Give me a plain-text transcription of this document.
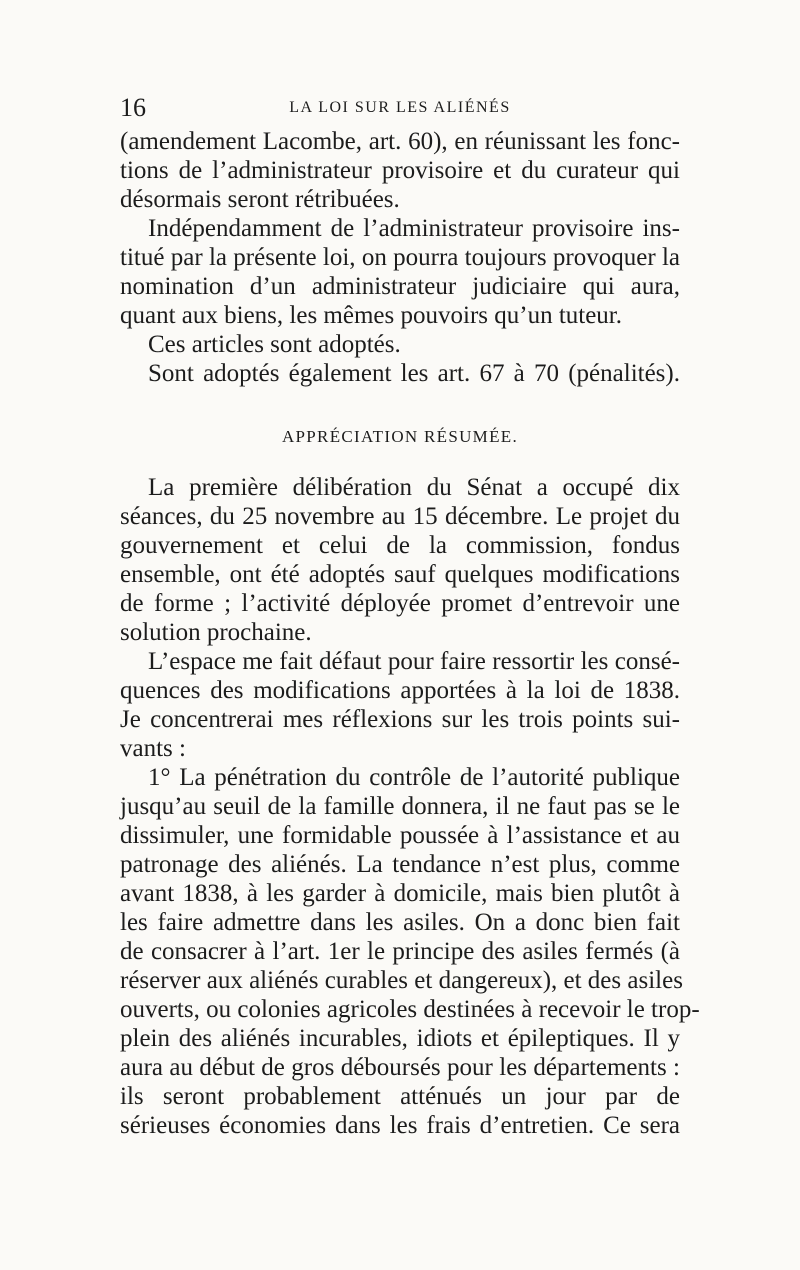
16	LA LOI SUR LES ALIÉNÉS

(amendement Lacombe, art. 60), en réunissant les fonc-

tions de l’administrateur provisoire et du curateur qui

désormais seront rétribuées.

Indépendamment de l’administrateur provisoire ins-

titué par la présente loi, on pourra toujours provoquer la

nomination d’un administrateur judiciaire qui aura,

quant aux biens, les mêmes pouvoirs qu’un tuteur.

Ces articles sont adoptés.

Sont adoptés également les art. 67 à 70 (pénalités).

APPRÉCIATION RÉSUMÉE.

La première délibération du Sénat a occupé dix

séances, du 25 novembre au 15 décembre. Le projet du

gouvernement et celui de la commission, fondus

ensemble, ont été adoptés sauf quelques modifications

de forme ; l’activité déployée promet d’entrevoir une

solution prochaine.

L’espace me fait défaut pour faire ressortir les consé-

quences des modifications apportées à la loi de 1838.

Je concentrerai mes réflexions sur les trois points sui-

vants :

1° La pénétration du contrôle de l’autorité publique

jusqu’au seuil de la famille donnera, il ne faut pas se le

dissimuler, une formidable poussée à l’assistance et au

patronage des aliénés. La tendance n’est plus, comme

avant 1838, à les garder à domicile, mais bien plutôt à

les faire admettre dans les asiles. On a donc bien fait

de consacrer à l’art. 1er le principe des asiles fermés (à

réserver aux aliénés curables et dangereux), et des asiles

ouverts, ou colonies agricoles destinées à recevoir le trop-

plein des aliénés incurables, idiots et épileptiques. Il y

aura au début de gros déboursés pour les départements :

ils seront probablement atténués un jour par de

sérieuses économies dans les frais d’entretien. Ce sera
